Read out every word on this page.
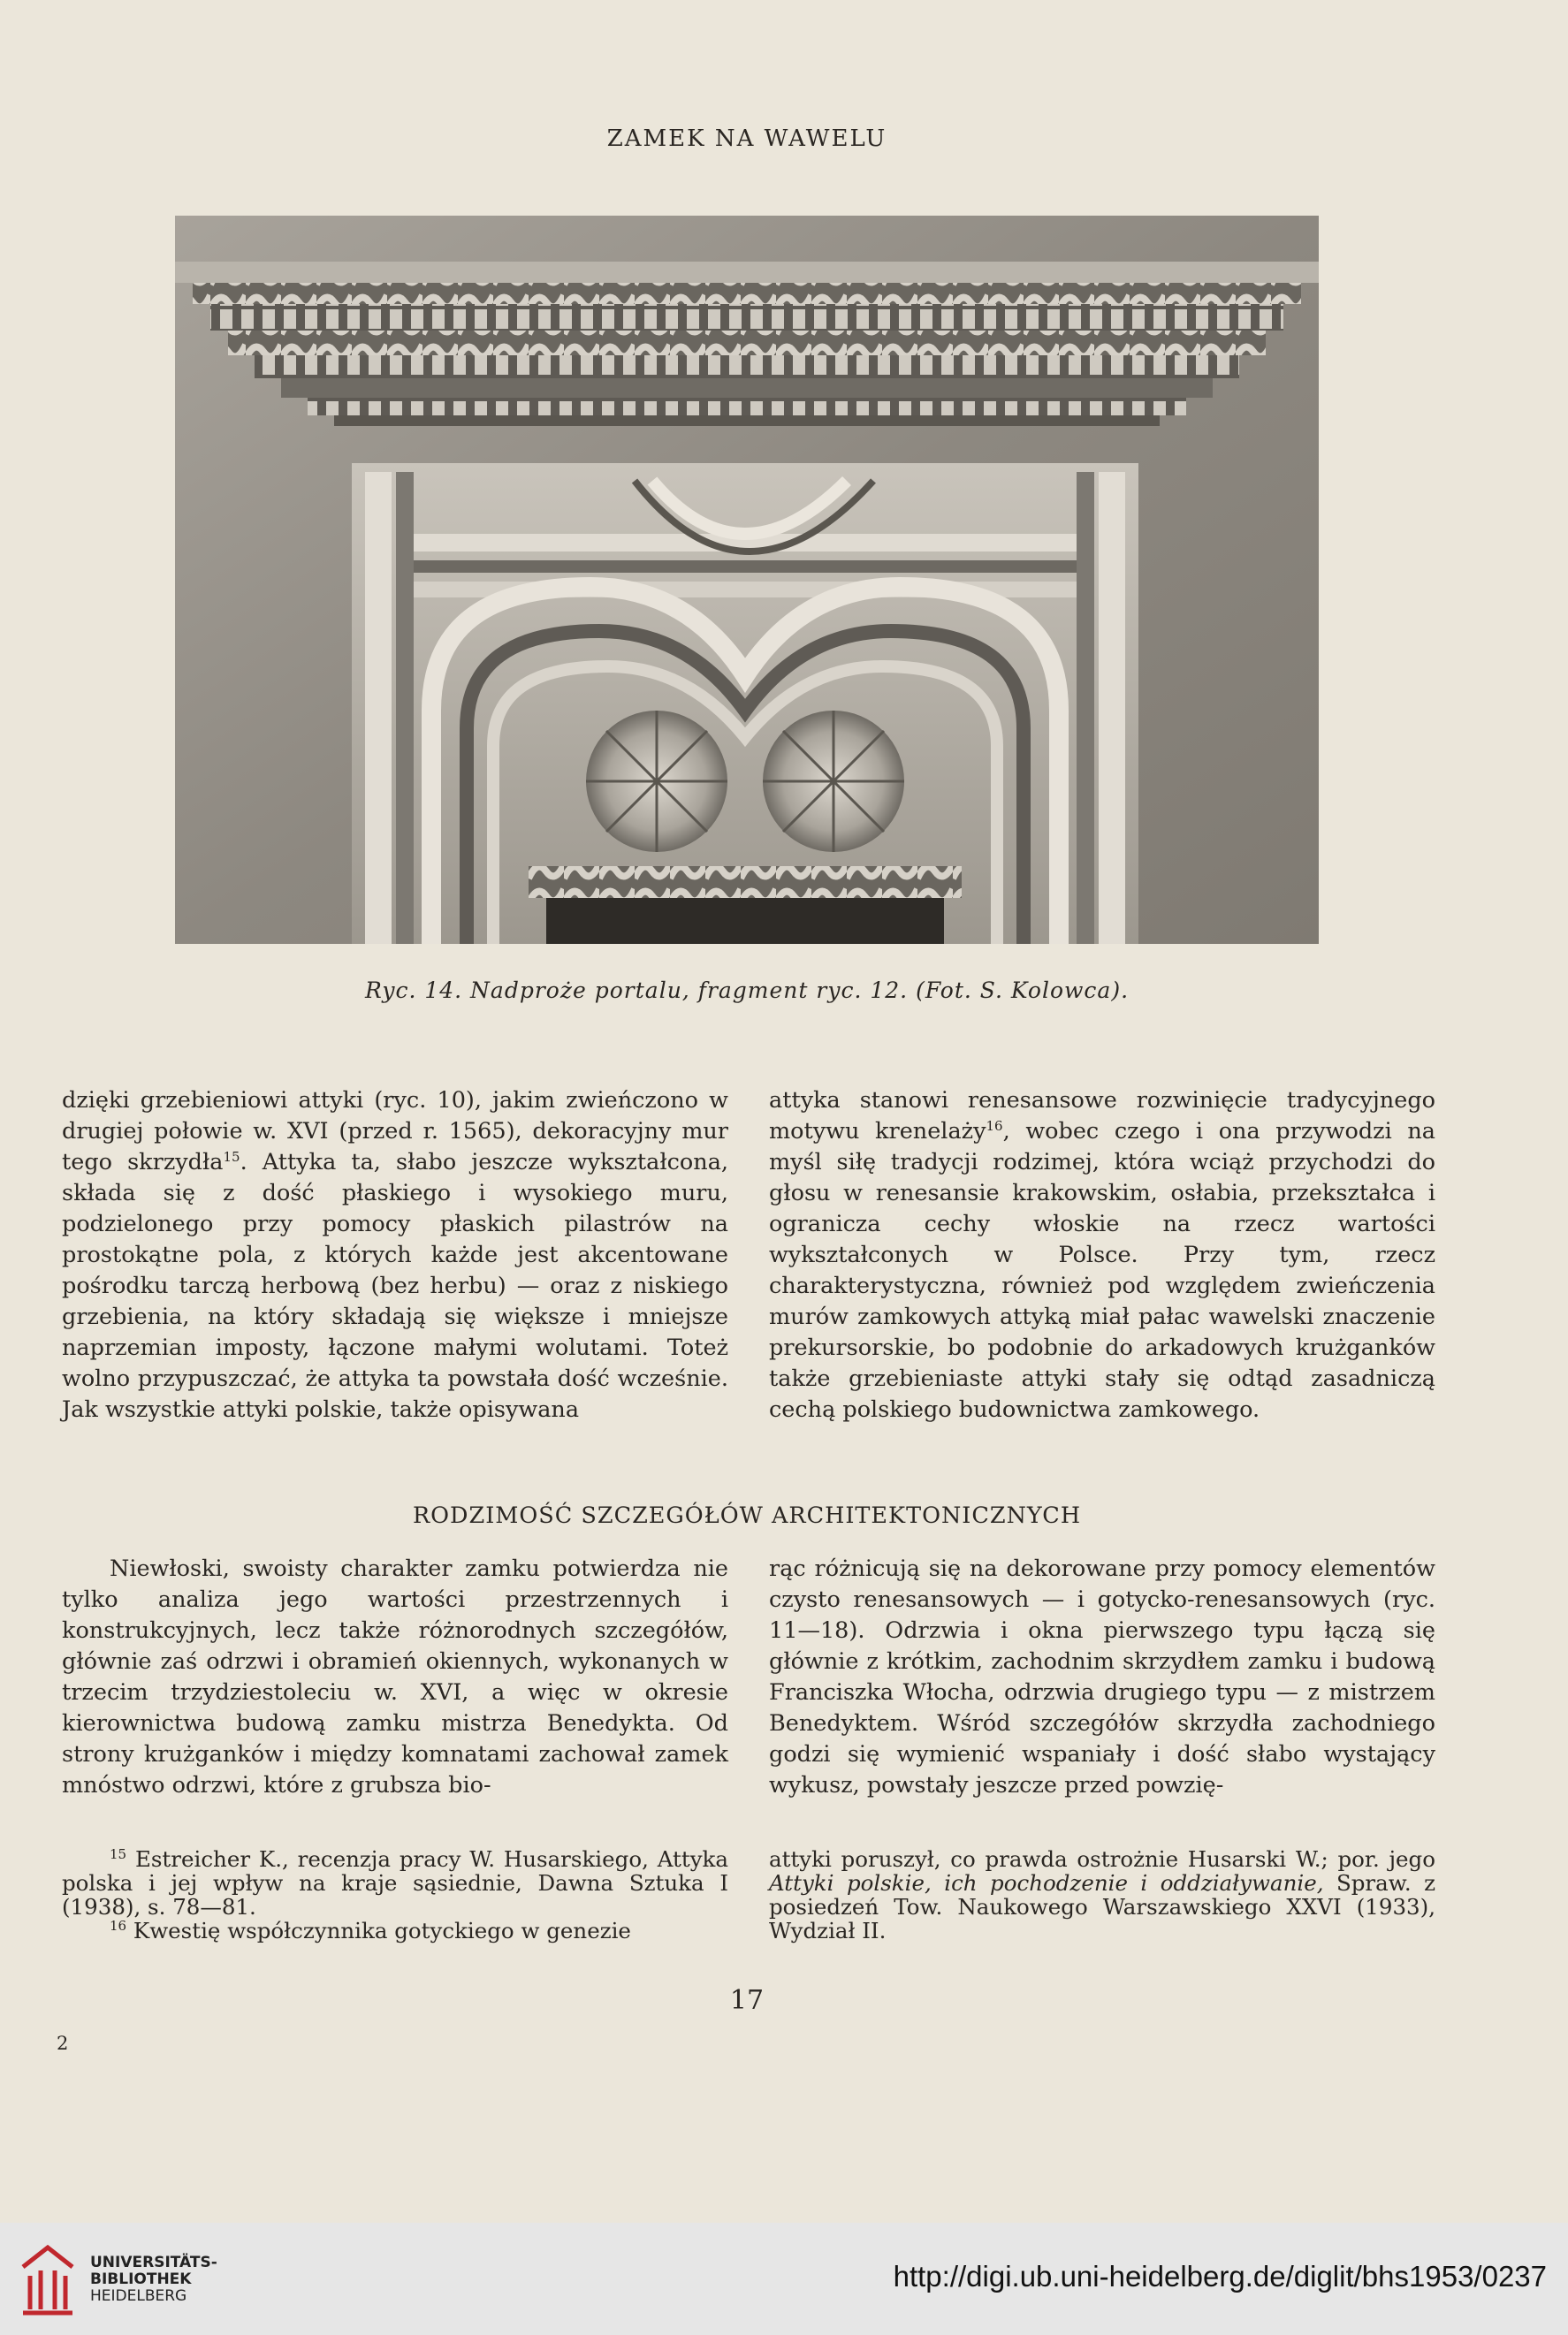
ZAMEK NA WAWELU
Ryc. 14. Nadproże portalu, fragment ryc. 12. (Fot. S. Kolowca).

dzięki grzebieniowi attyki (ryc. 10), jakim zwieńczono w drugiej połowie w. XVI (przed r. 1565), dekoracyjny mur tego skrzydła$^{15}$. Attyka ta, słabo jeszcze wykształcona, składa się z dość płaskiego i wysokiego muru, podzielonego przy pomocy płaskich pilastrów na prostokątne pola, z których każde jest akcentowane pośrodku tarczą herbową (bez herbu) — oraz z niskiego grzebienia, na który składają się większe i mniejsze naprzemian imposty, łączone małymi wolutami. Toteż wolno przypuszczać, że attyka ta powstała dość wcześnie. Jak wszystkie attyki polskie, także opisywana

attyka stanowi renesansowe rozwinięcie tradycyjnego motywu krenelaży$^{16}$, wobec czego i ona przywodzi na myśl siłę tradycji rodzimej, która wciąż przychodzi do głosu w renesansie krakowskim, osłabia, przekształca i ogranicza cechy włoskie na rzecz wartości wykształconych w Polsce. Przy tym, rzecz charakterystyczna, również pod względem zwieńczenia murów zamkowych attyką miał pałac wawelski znaczenie prekursorskie, bo podobnie do arkadowych krużganków także grzebieniaste attyki stały się odtąd zasadniczą cechą polskiego budownictwa zamkowego.

RODZIMOŚĆ SZCZEGÓŁÓW ARCHITEKTONICZNYCH

Niewłoski, swoisty charakter zamku potwierdza nie tylko analiza jego wartości przestrzennych i konstrukcyjnych, lecz także różnorodnych szczegółów, głównie zaś odrzwi i obramień okiennych, wykonanych w trzecim trzydziestoleciu w. XVI, a więc w okresie kierownictwa budową zamku mistrza Benedykta. Od strony krużganków i między komnatami zachował zamek mnóstwo odrzwi, które z grubsza bio-

rąc różnicują się na dekorowane przy pomocy elementów czysto renesansowych — i gotycko-renesansowych (ryc. 11—18). Odrzwia i okna pierwszego typu łączą się głównie z krótkim, zachodnim skrzydłem zamku i budową Franciszka Włocha, odrzwia drugiego typu — z mistrzem Benedyktem. Wśród szczegółów skrzydła zachodniego godzi się wymienić wspaniały i dość słabo wystający wykusz, powstały jeszcze przed powzię-

$^{15}$ Estreicher K., recenzja pracy W. Husarskiego, Attyka polska i jej wpływ na kraje sąsiednie, Dawna Sztuka I (1938), s. 78—81.

$^{16}$ Kwestię współczynnika gotyckiego w genezie

attyki poruszył, co prawda ostrożnie Husarski W.; por. jego Attyki polskie, ich pochodzenie i oddziaływanie, Spraw. z posiedzeń Tow. Naukowego Warszawskiego XXVI (1933), Wydział II.

17
2
UNIVERSITÄTS-
BIBLIOTHEK
HEIDELBERG
http://digi.ub.uni-heidelberg.de/diglit/bhs1953/0237
